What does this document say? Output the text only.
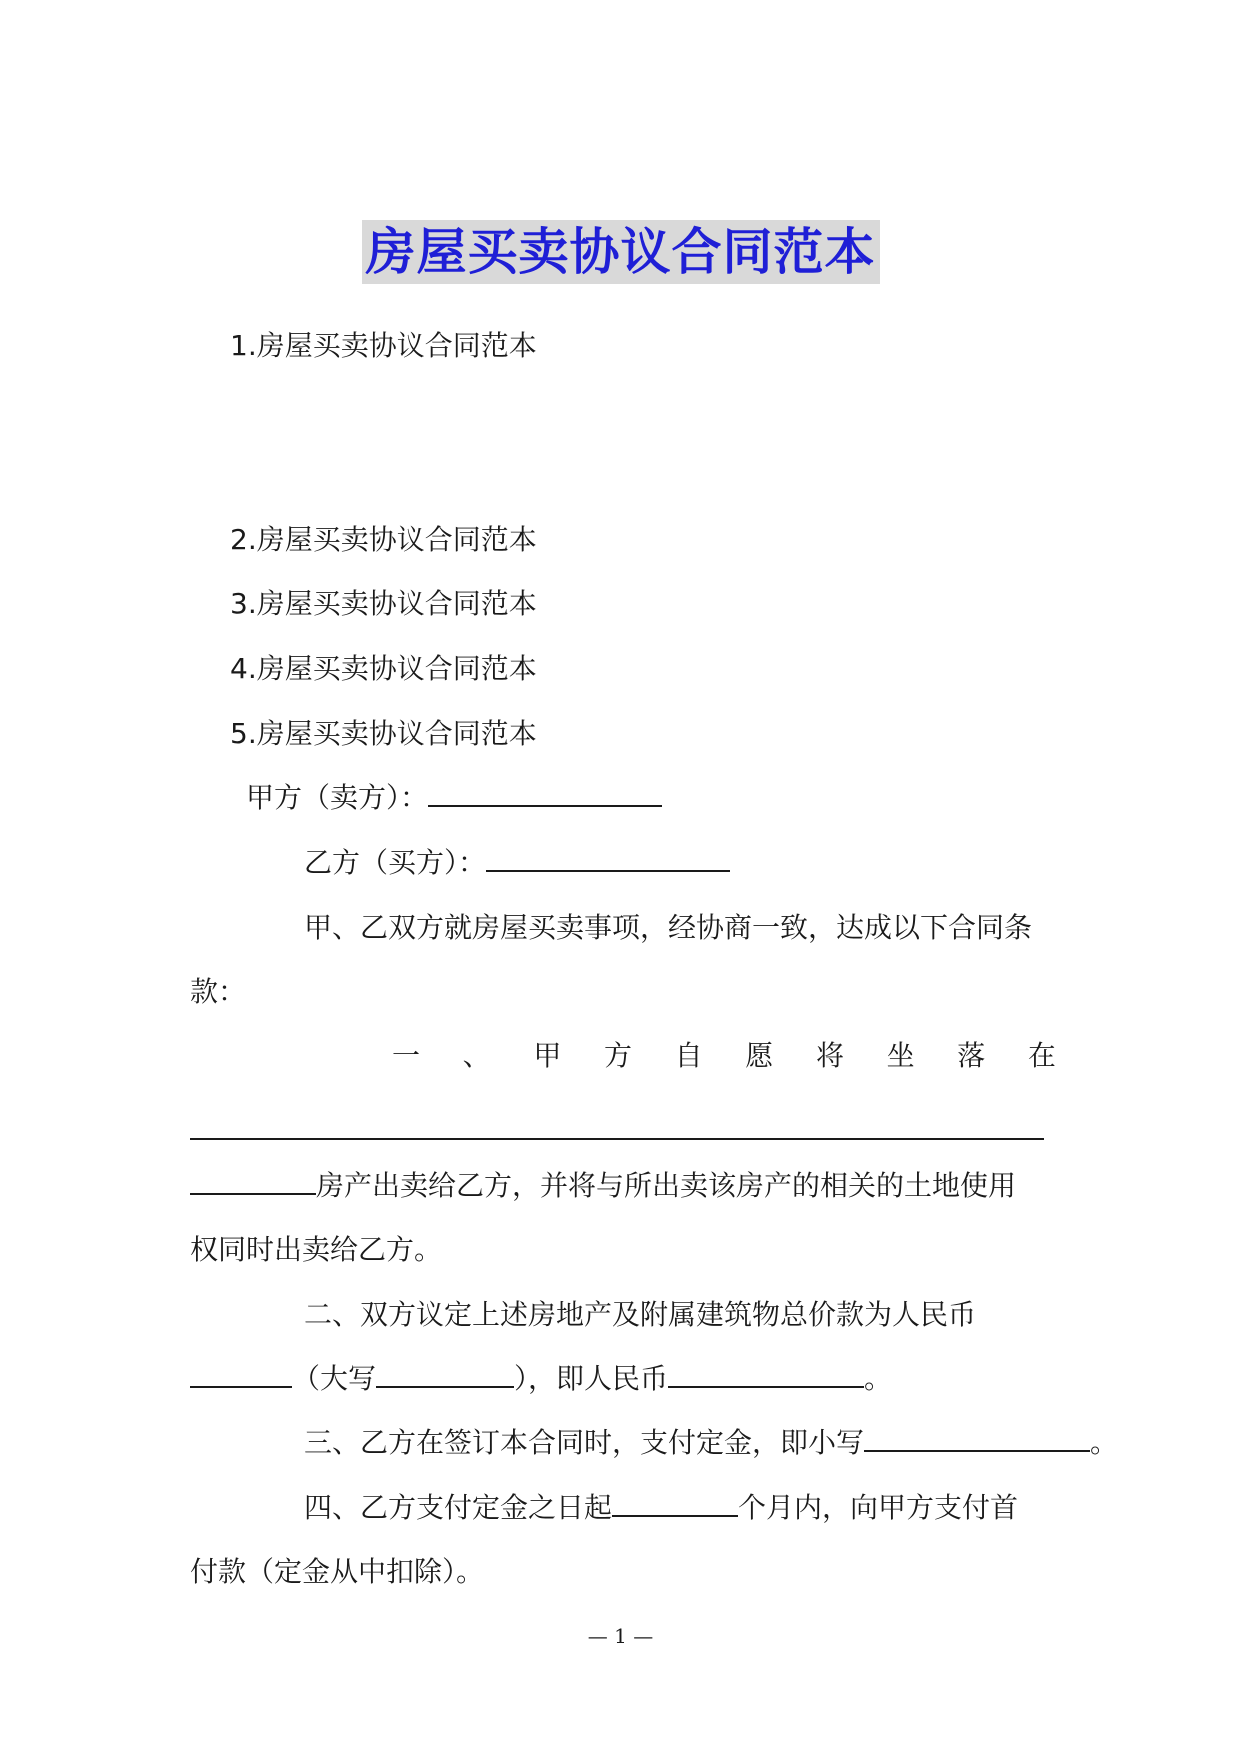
房屋买卖协议合同范本
1.房屋买卖协议合同范本
2.房屋买卖协议合同范本
3.房屋买卖协议合同范本
4.房屋买卖协议合同范本
5.房屋买卖协议合同范本
甲方（卖方）：
乙方（买方）：
甲、乙双方就房屋买卖事项，经协商一致，达成以下合同条
款：
一 、 甲 方 自 愿 将 坐 落 在
房产出卖给乙方，并将与所出卖该房产的相关的土地使用
权同时出卖给乙方。
二、双方议定上述房地产及附属建筑物总价款为人民币
（大写	），即人民币	。
三、乙方在签订本合同时，支付定金，即小写	。
四、乙方支付定金之日起	个月内，向甲方支付首
付款（定金从中扣除）。
— 1 —
